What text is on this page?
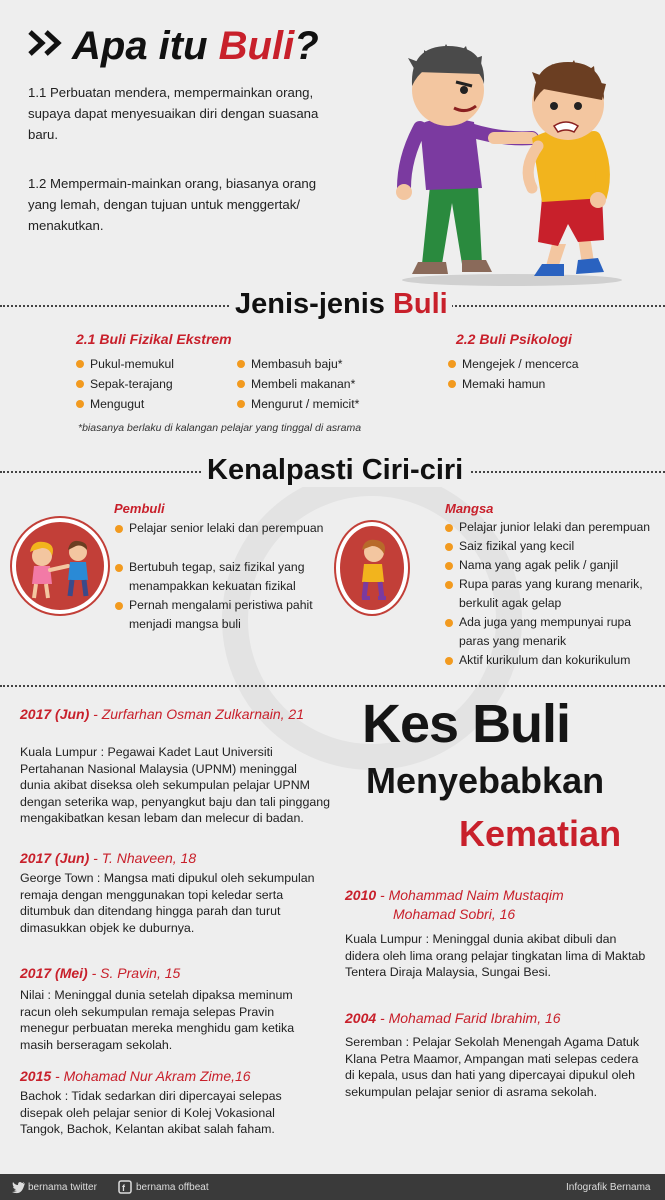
Apa itu Buli?
1.1 Perbuatan mendera, mempermainkan orang, supaya dapat menyesuaikan diri dengan suasana baru.
1.2 Mempermain-mainkan orang, biasanya orang yang lemah, dengan tujuan untuk menggertak/ menakutkan.
Jenis-jenis Buli
2.1 Buli Fizikal Ekstrem
Pukul-memukul
Sepak-terajang
Mengugut
Membasuh baju*
Membeli makanan*
Mengurut / memicit*
2.2 Buli Psikologi
Mengejek / mencerca
Memaki hamun
*biasanya berlaku di kalangan pelajar yang tinggal di asrama
Kenalpasti Ciri-ciri
Pembuli
Pelajar senior lelaki dan perempuan
Bertubuh tegap, saiz fizikal yang menampakkan kekuatan fizikal
Pernah mengalami peristiwa pahit menjadi mangsa buli
Mangsa
Pelajar junior lelaki dan perempuan
Saiz fizikal yang kecil
Nama yang agak pelik / ganjil
Rupa paras yang kurang menarik, berkulit agak gelap
Ada juga yang mempunyai rupa paras yang menarik
Aktif kurikulum dan kokurikulum
Kes Buli
Menyebabkan
Kematian
2017 (Jun) - Zurfarhan Osman Zulkarnain, 21
Kuala Lumpur : Pegawai Kadet Laut Universiti Pertahanan Nasional Malaysia (UPNM) meninggal dunia akibat diseksa oleh sekumpulan pelajar UPNM dengan seterika wap, penyangkut baju dan tali pinggang mengakibatkan kesan lebam dan melecur di badan.
2017 (Jun) - T. Nhaveen, 18
George Town : Mangsa mati dipukul oleh sekumpulan remaja dengan menggunakan topi keledar serta ditumbuk dan ditendang hingga parah dan turut dimasukkan objek ke duburnya.
2017 (Mei) - S. Pravin, 15
Nilai : Meninggal dunia setelah dipaksa meminum racun oleh sekumpulan remaja selepas Pravin menegur perbuatan mereka menghidu gam ketika masih berseragam sekolah.
2015 - Mohamad Nur Akram Zime,16
Bachok : Tidak sedarkan diri dipercayai selepas disepak oleh pelajar senior di Kolej Vokasional Tangok, Bachok, Kelantan akibat salah faham.
2010 - Mohammad Naim Mustaqim
Mohamad Sobri, 16
Kuala Lumpur : Meninggal dunia akibat dibuli dan didera oleh lima orang pelajar tingkatan lima di Maktab Tentera Diraja Malaysia, Sungai Besi.
2004 - Mohamad Farid Ibrahim, 16
Seremban : Pelajar Sekolah Menengah Agama Datuk Klana Petra Maamor, Ampangan mati selepas cedera di kepala, usus dan hati yang dipercayai dipukul oleh sekumpulan pelajar senior di asrama sekolah.
bernama twitter	f bernama offbeat	Infografik Bernama
